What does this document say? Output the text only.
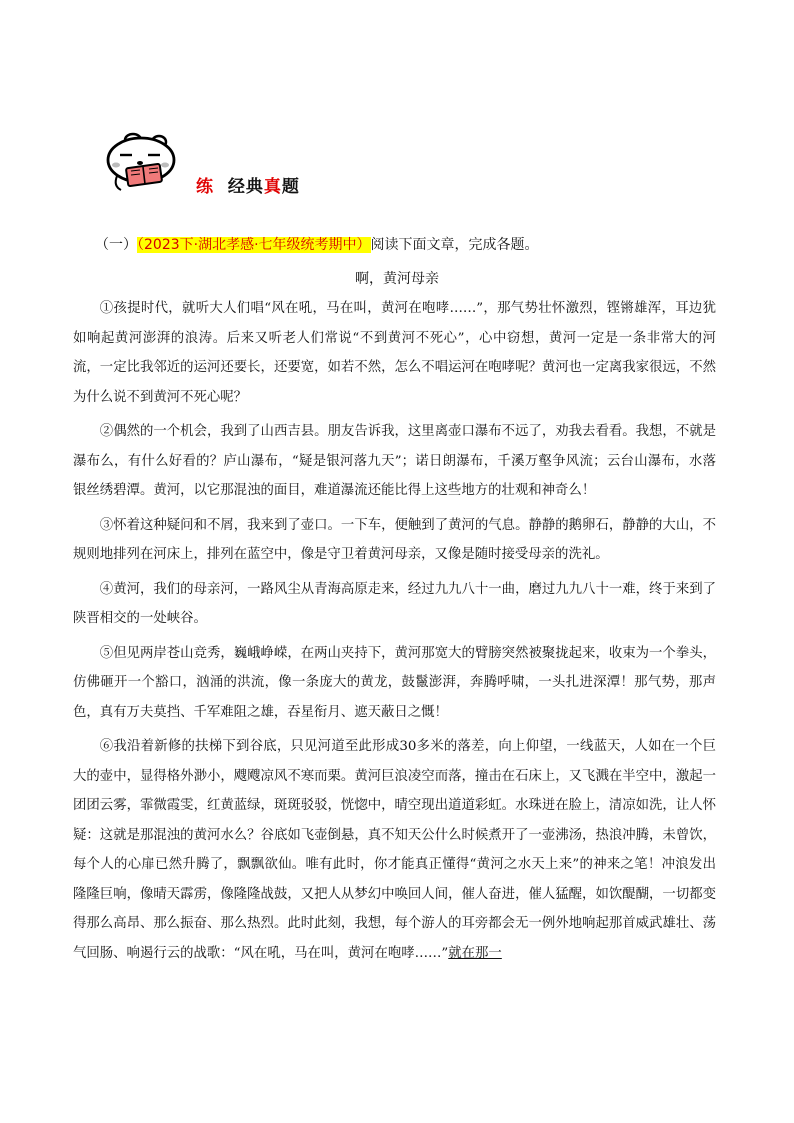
练 经典真题
（一）（2023下·湖北孝感·七年级统考期中）阅读下面文章，完成各题。
啊，黄河母亲

①孩提时代，就听大人们唱“风在吼，马在叫，黄河在咆哮……”，那气势壮怀激烈，铿锵雄浑，耳边犹如响起黄河澎湃的浪涛。后来又听老人们常说“不到黄河不死心”，心中窃想，黄河一定是一条非常大的河流，一定比我邻近的运河还要长，还要宽，如若不然，怎么不唱运河在咆哮呢？黄河也一定离我家很远，不然为什么说不到黄河不死心呢？

②偶然的一个机会，我到了山西吉县。朋友告诉我，这里离壶口瀑布不远了，劝我去看看。我想，不就是瀑布么，有什么好看的？庐山瀑布，“疑是银河落九天”；诺日朗瀑布，千溪万壑争风流；云台山瀑布，水落银丝绣碧潭。黄河，以它那混浊的面目，难道瀑流还能比得上这些地方的壮观和神奇么！

③怀着这种疑问和不屑，我来到了壶口。一下车，便触到了黄河的气息。静静的鹅卵石，静静的大山，不规则地排列在河床上，排列在蓝空中，像是守卫着黄河母亲，又像是随时接受母亲的洗礼。

④黄河，我们的母亲河，一路风尘从青海高原走来，经过九九八十一曲，磨过九九八十一难，终于来到了陕晋相交的一处峡谷。

⑤但见两岸苍山竞秀，巍峨峥嵘，在两山夹持下，黄河那宽大的臂膀突然被聚拢起来，收束为一个拳头，仿佛砸开一个豁口，汹涌的洪流，像一条庞大的黄龙，鼓鬣澎湃，奔腾呼啸，一头扎进深潭！那气势，那声色，真有万夫莫挡、千军难阻之雄，吞星衔月、遮天蔽日之慨！

⑥我沿着新修的扶梯下到谷底，只见河道至此形成30多米的落差，向上仰望，一线蓝天，人如在一个巨大的壶中，显得格外渺小，飕飕凉风不寒而栗。黄河巨浪凌空而落，撞击在石床上，又飞溅在半空中，激起一团团云雾，霏微霞雯，红黄蓝绿，斑斑驳驳，恍惚中，晴空现出道道彩虹。水珠迸在脸上，清凉如洗，让人怀疑：这就是那混浊的黄河水么？谷底如飞壶倒悬，真不知天公什么时候煮开了一壶沸汤，热浪冲腾，未曾饮，每个人的心扉已然升腾了，飘飘欲仙。唯有此时，你才能真正懂得“黄河之水天上来”的神来之笔！冲浪发出隆隆巨响，像晴天霹雳，像隆隆战鼓，又把人从梦幻中唤回人间，催人奋进，催人猛醒，如饮醍醐，一切都变得那么高昂、那么振奋、那么热烈。此时此刻，我想，每个游人的耳旁都会无一例外地响起那首威武雄壮、荡气回肠、响遏行云的战歌：“风在吼，马在叫，黄河在咆哮……”就在那一
